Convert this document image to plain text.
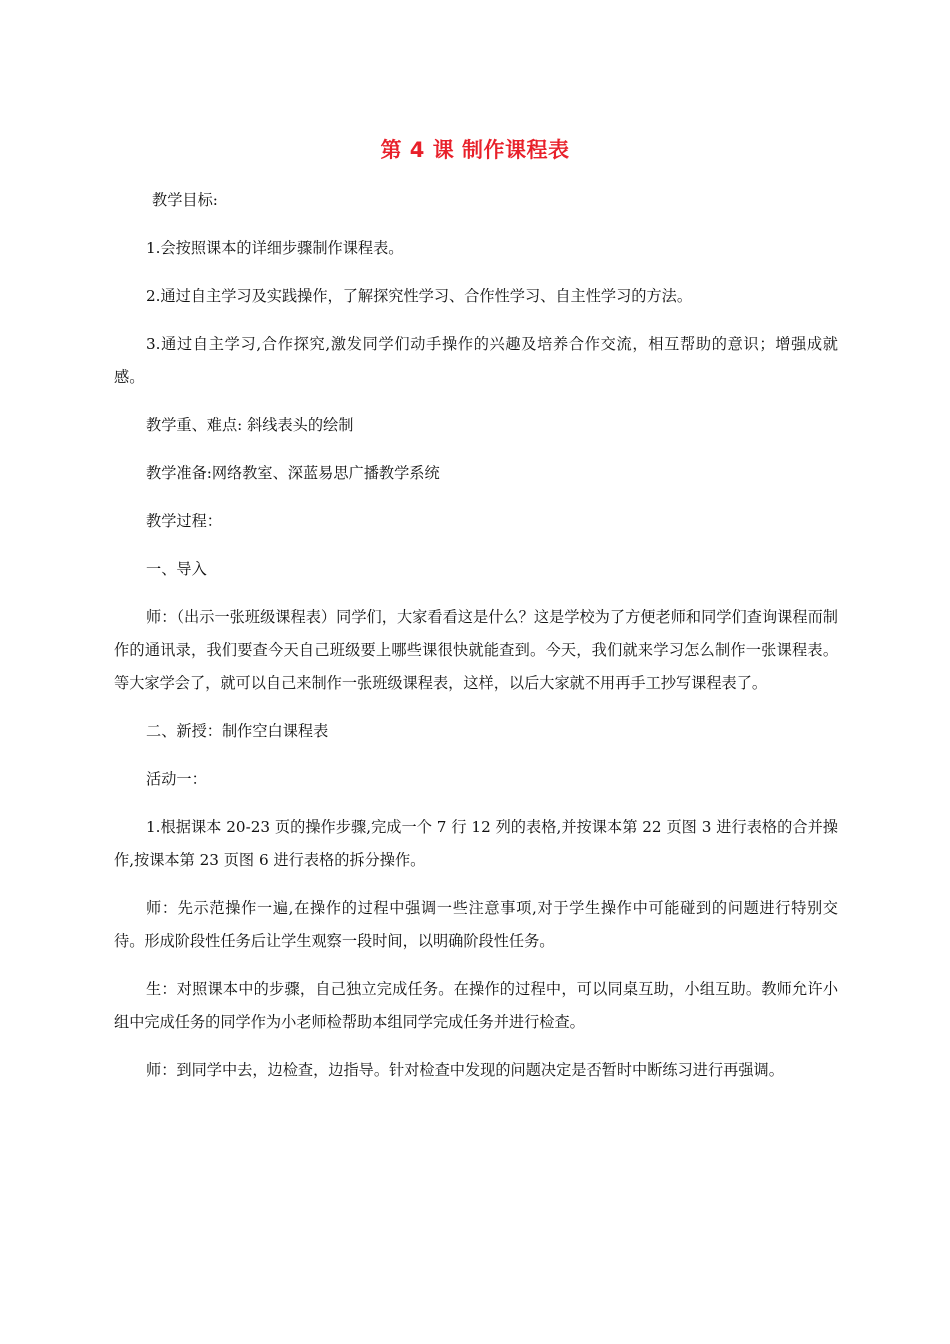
第 4 课 制作课程表

教学目标:

1.会按照课本的详细步骤制作课程表。

2.通过自主学习及实践操作，了解探究性学习、合作性学习、自主性学习的方法。

3.通过自主学习,合作探究,激发同学们动手操作的兴趣及培养合作交流，相互帮助的意识；增强成就感。

教学重、难点: 斜线表头的绘制

教学准备:网络教室、深蓝易思广播教学系统

教学过程：

一、导入

师：（出示一张班级课程表）同学们，大家看看这是什么？这是学校为了方便老师和同学们查询课程而制作的通讯录，我们要查今天自己班级要上哪些课很快就能查到。今天，我们就来学习怎么制作一张课程表。等大家学会了，就可以自己来制作一张班级课程表，这样，以后大家就不用再手工抄写课程表了。

二、新授：制作空白课程表

活动一：

1.根据课本 20-23 页的操作步骤,完成一个 7 行 12 列的表格,并按课本第 22 页图 3 进行表格的合并操作,按课本第 23 页图 6 进行表格的拆分操作。

师：先示范操作一遍,在操作的过程中强调一些注意事项,对于学生操作中可能碰到的问题进行特别交待。形成阶段性任务后让学生观察一段时间，以明确阶段性任务。

生：对照课本中的步骤，自己独立完成任务。在操作的过程中，可以同桌互助，小组互助。教师允许小组中完成任务的同学作为小老师检帮助本组同学完成任务并进行检查。

师：到同学中去，边检查，边指导。针对检查中发现的问题决定是否暂时中断练习进行再强调。
